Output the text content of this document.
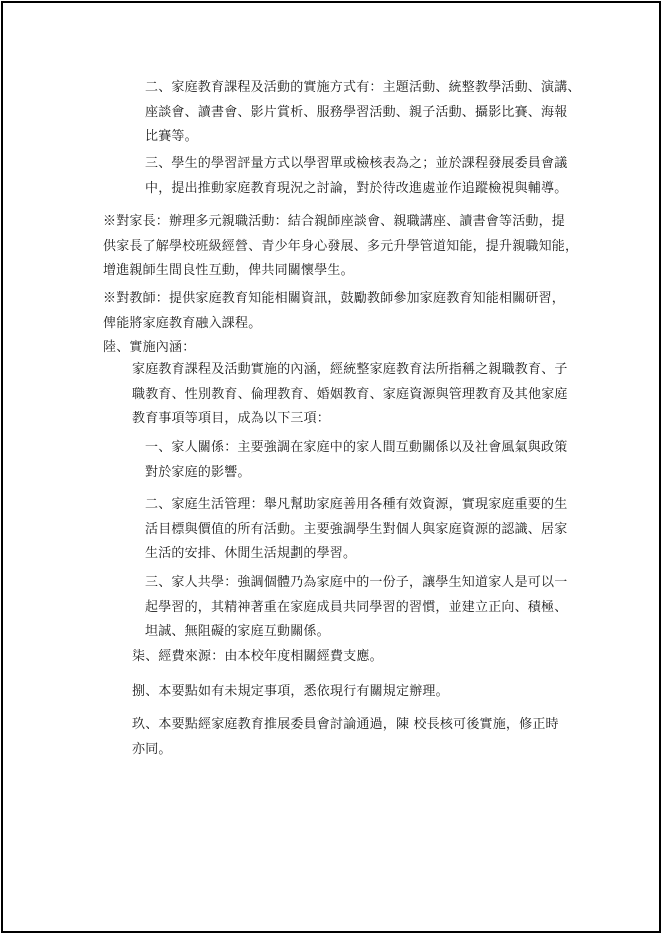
二、家庭教育課程及活動的實施方式有：主題活動、統整教學活動、演講、
座談會、讀書會、影片賞析、服務學習活動、親子活動、攝影比賽、海報
比賽等。
三、學生的學習評量方式以學習單或檢核表為之；並於課程發展委員會議
中，提出推動家庭教育現況之討論，對於待改進處並作追蹤檢視與輔導。
※對家長：辦理多元親職活動：結合親師座談會、親職講座、讀書會等活動，提
供家長了解學校班級經營、青少年身心發展、多元升學管道知能，提升親職知能，
增進親師生間良性互動，俾共同關懷學生。
※對教師：提供家庭教育知能相關資訊，鼓勵教師參加家庭教育知能相關研習，
俾能將家庭教育融入課程。
陸、實施內涵：
家庭教育課程及活動實施的內涵，經統整家庭教育法所指稱之親職教育、子
職教育、性別教育、倫理教育、婚姻教育、家庭資源與管理教育及其他家庭
教育事項等項目，成為以下三項：
一、家人關係：主要強調在家庭中的家人間互動關係以及社會風氣與政策
對於家庭的影響。
二、家庭生活管理：舉凡幫助家庭善用各種有效資源，實現家庭重要的生
活目標與價值的所有活動。主要強調學生對個人與家庭資源的認識、居家
生活的安排、休閒生活規劃的學習。
三、家人共學：強調個體乃為家庭中的一份子，讓學生知道家人是可以一
起學習的，其精神著重在家庭成員共同學習的習慣，並建立正向、積極、
坦誠、無阻礙的家庭互動關係。
柒、經費來源：由本校年度相關經費支應。
捌、本要點如有未規定事項，悉依現行有關規定辦理。
玖、本要點經家庭教育推展委員會討論通過，陳 校長核可後實施，修正時
亦同。
